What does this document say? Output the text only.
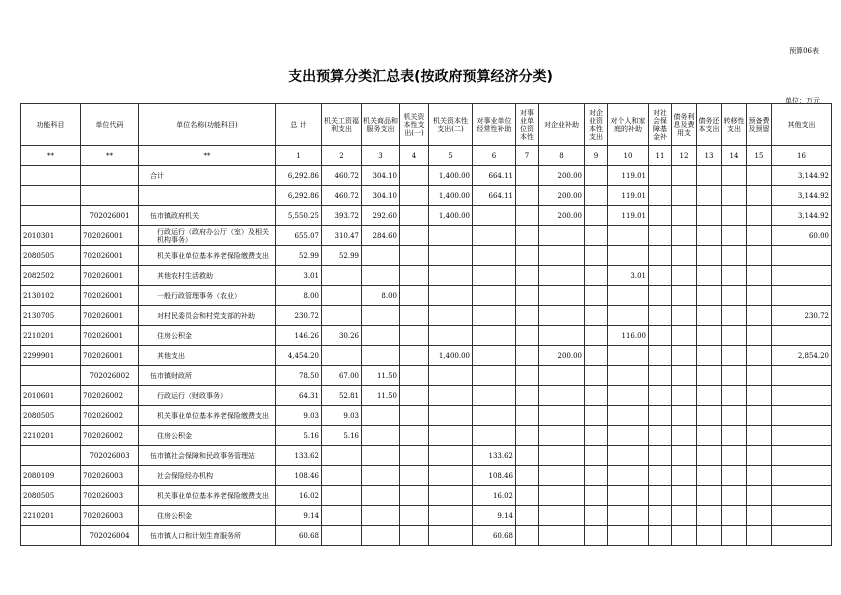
预算06表
支出预算分类汇总表(按政府预算经济分类)
单位：万元
功能科目	单位代码	单位名称(功能科目)	总 计	机关工资福利支出	机关商品和服务支出	机关资本性支出(一)	机关资本性支出(二)	对事业单位经常性补助	对事业单位资本性	对企业补助	对企业资本性支出	对个人和家庭的补助	对社会保障基金补	债务利息及费用支	债务还本支出	转移性支出	预备费及预留	其他支出
**	**	**	1	2	3	4	5	6	7	8	9	10	11	12	13	14	15	16
		合计	6,292.86	460.72	304.10		1,400.00	664.11		200.00		119.01						3,144.92
			6,292.86	460.72	304.10		1,400.00	664.11		200.00		119.01						3,144.92
	702026001	伍市镇政府机关	5,550.25	393.72	292.60		1,400.00			200.00		119.01						3,144.92
2010301	702026001	行政运行（政府办公厅（室）及相关机构事务）	655.07	310.47	284.60													60.00
2080505	702026001	机关事业单位基本养老保险缴费支出	52.99	52.99														
2082502	702026001	其他农村生活救助	3.01									3.01						
2130102	702026001	一般行政管理事务（农业）	8.00		8.00													
2130705	702026001	对村民委员会和村党支部的补助	230.72															230.72
2210201	702026001	住房公积金	146.26	30.26								116.00						
2299901	702026001	其他支出	4,454.20				1,400.00			200.00								2,854.20
	702026002	伍市镇财政所	78.50	67.00	11.50													
2010601	702026002	行政运行（财政事务）	64.31	52.81	11.50													
2080505	702026002	机关事业单位基本养老保险缴费支出	9.03	9.03														
2210201	702026002	住房公积金	5.16	5.16														
	702026003	伍市镇社会保障和民政事务管理站	133.62					133.62										
2080109	702026003	社会保险经办机构	108.46					108.46										
2080505	702026003	机关事业单位基本养老保险缴费支出	16.02					16.02										
2210201	702026003	住房公积金	9.14					9.14										
	702026004	伍市镇人口和计划生育服务所	60.68					60.68										
